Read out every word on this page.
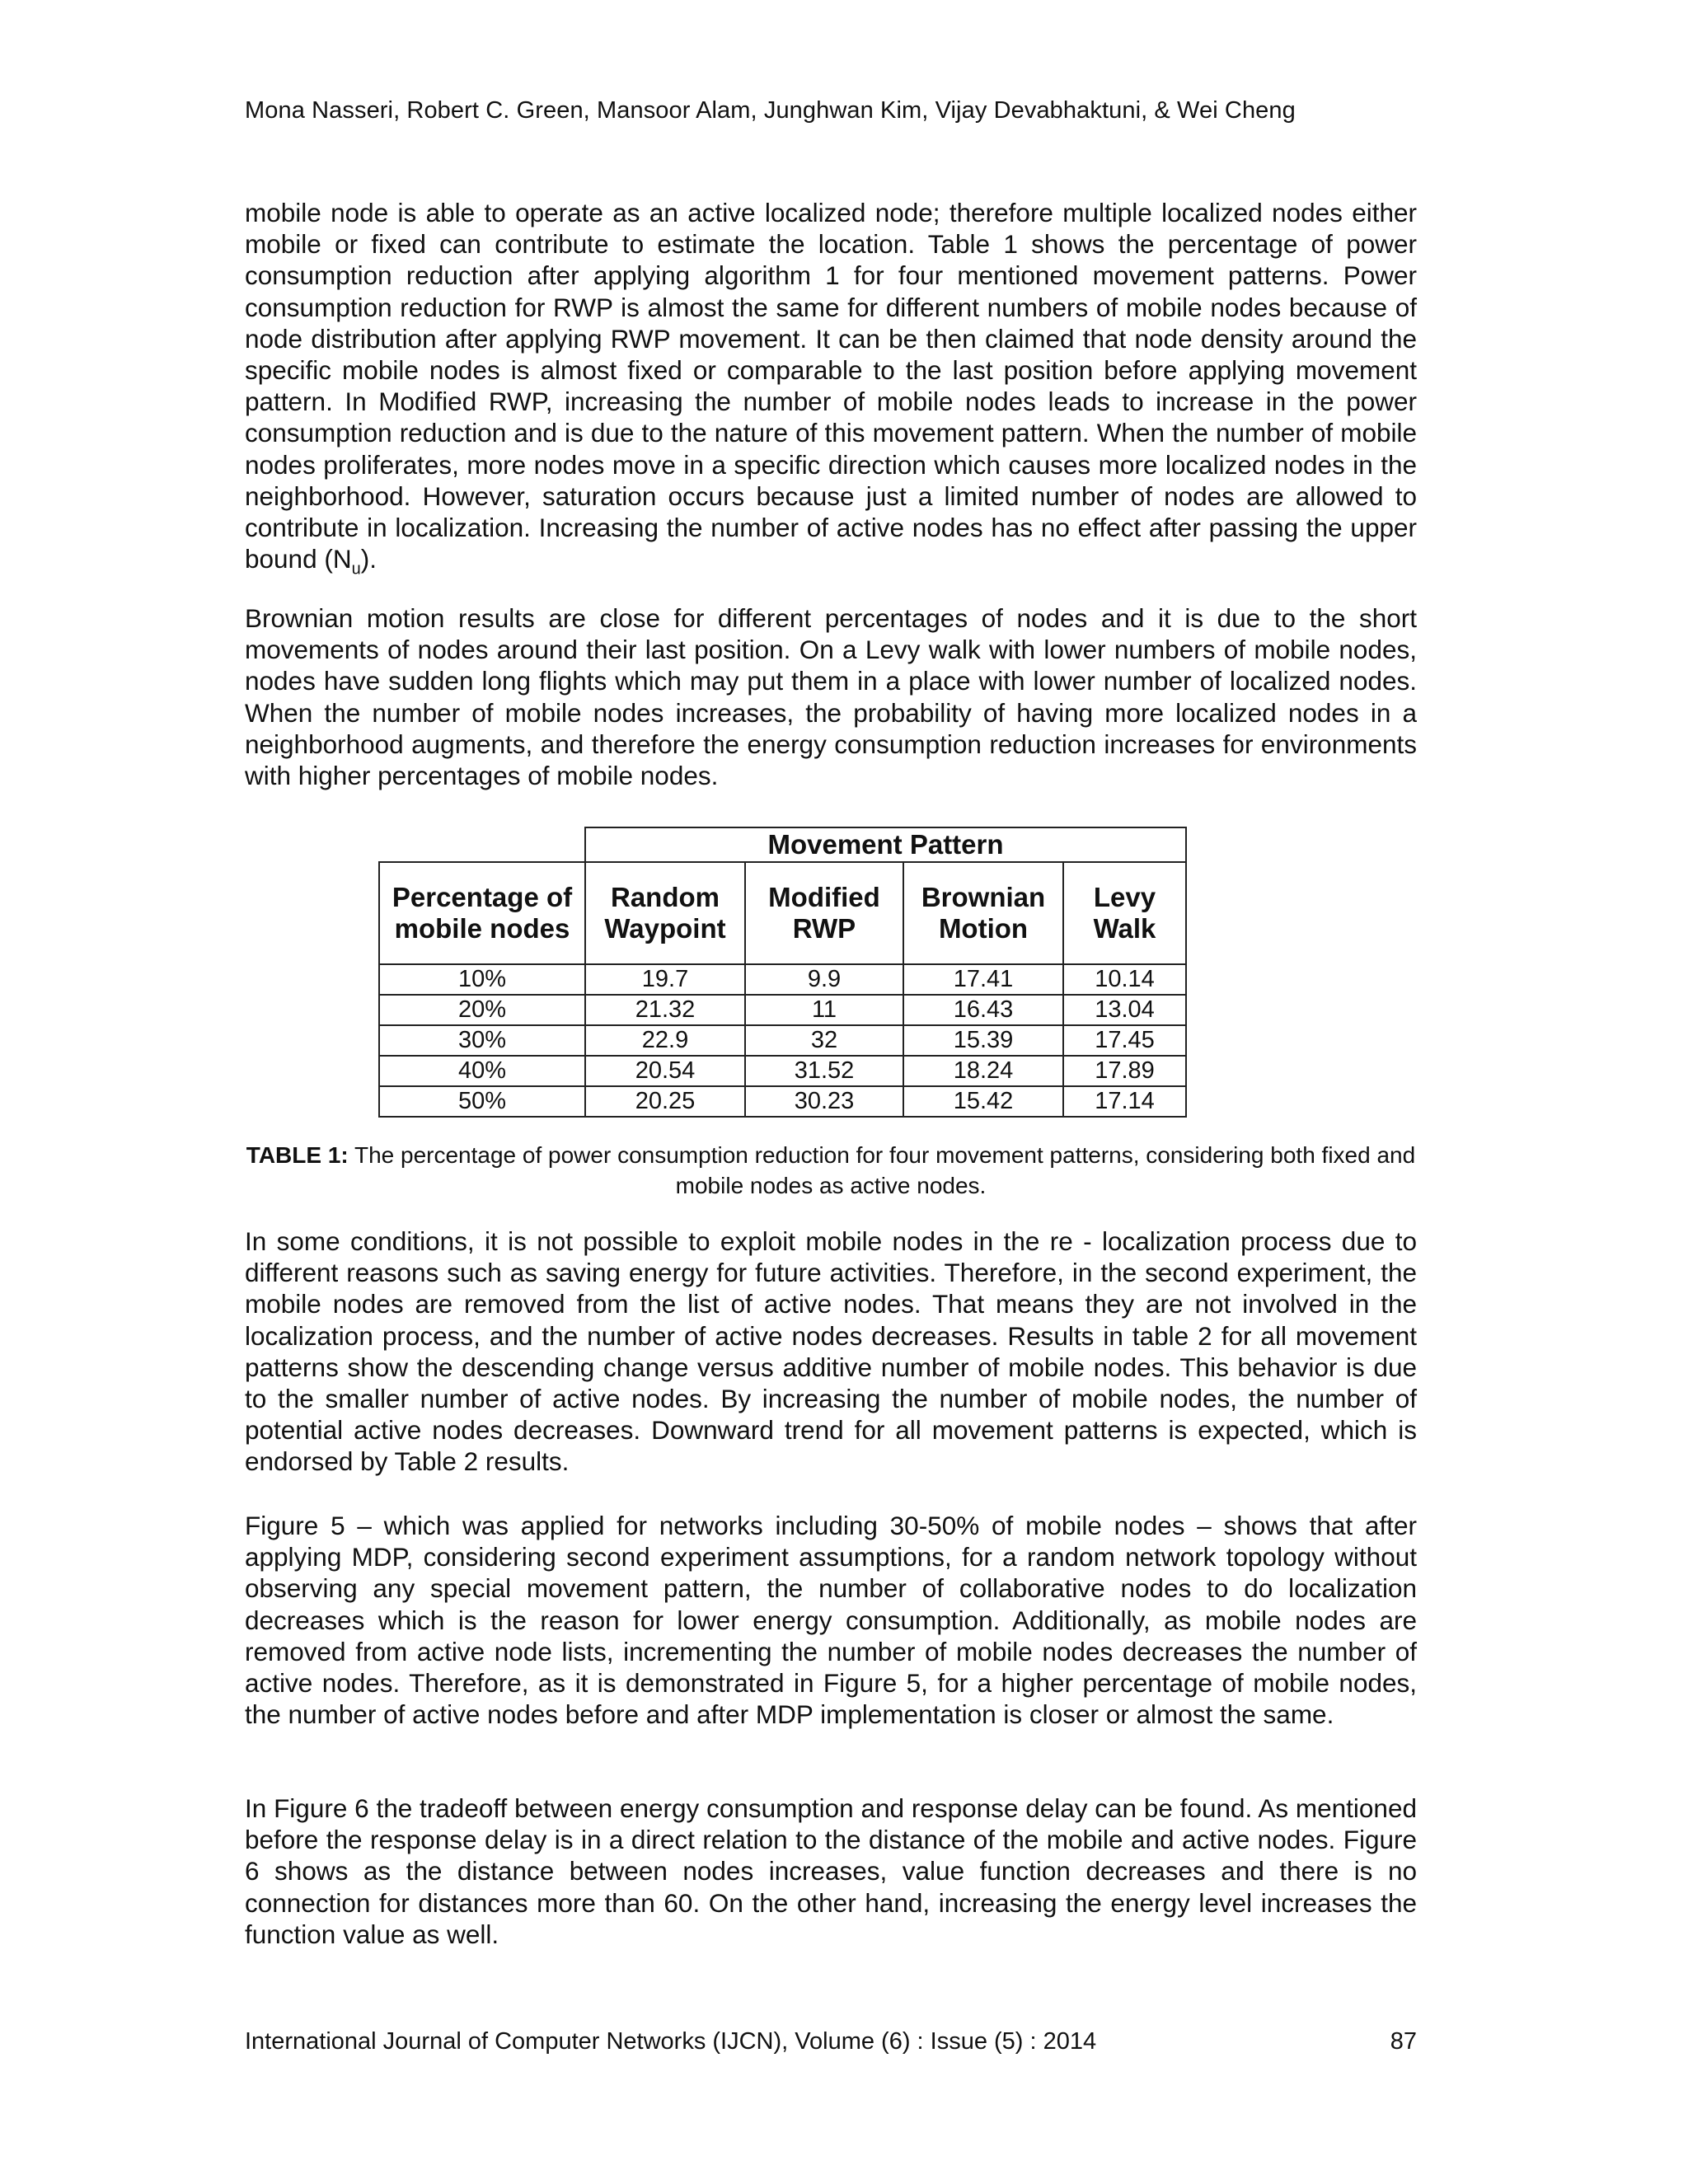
Mona Nasseri, Robert C. Green, Mansoor Alam, Junghwan Kim, Vijay Devabhaktuni, & Wei Cheng

mobile node is able to operate as an active localized node; therefore multiple localized nodes either mobile or fixed can contribute to estimate the location. Table 1 shows the percentage of power consumption reduction after applying algorithm 1 for four mentioned movement patterns. Power consumption reduction for RWP is almost the same for different numbers of mobile nodes because of node distribution after applying RWP movement. It can be then claimed that node density around the specific mobile nodes is almost fixed or comparable to the last position before applying movement pattern. In Modified RWP, increasing the number of mobile nodes leads to increase in the power consumption reduction and is due to the nature of this movement pattern. When the number of mobile nodes proliferates, more nodes move in a specific direction which causes more localized nodes in the neighborhood. However, saturation occurs because just a limited number of nodes are allowed to contribute in localization. Increasing the number of active nodes has no effect after passing the upper bound $(N_u)$.

Brownian motion results are close for different percentages of nodes and it is due to the short movements of nodes around their last position. On a Levy walk with lower numbers of mobile nodes, nodes have sudden long flights which may put them in a place with lower number of localized nodes. When the number of mobile nodes increases, the probability of having more localized nodes in a neighborhood augments, and therefore the energy consumption reduction increases for environments with higher percentages of mobile nodes.

	Movement Pattern			
Percentage of mobile nodes	Random Waypoint	Modified RWP	Brownian Motion	Levy Walk
10%	19.7	9.9	17.41	10.14
20%	21.32	11	16.43	13.04
30%	22.9	32	15.39	17.45
40%	20.54	31.52	18.24	17.89
50%	20.25	30.23	15.42	17.14

TABLE 1: The percentage of power consumption reduction for four movement patterns, considering both fixed and mobile nodes as active nodes.

In some conditions, it is not possible to exploit mobile nodes in the re - localization process due to different reasons such as saving energy for future activities. Therefore, in the second experiment, the mobile nodes are removed from the list of active nodes. That means they are not involved in the localization process, and the number of active nodes decreases. Results in table 2 for all movement patterns show the descending change versus additive number of mobile nodes. This behavior is due to the smaller number of active nodes. By increasing the number of mobile nodes, the number of potential active nodes decreases. Downward trend for all movement patterns is expected, which is endorsed by Table 2 results.

Figure 5 – which was applied for networks including 30-50% of mobile nodes – shows that after applying MDP, considering second experiment assumptions, for a random network topology without observing any special movement pattern, the number of collaborative nodes to do localization decreases which is the reason for lower energy consumption. Additionally, as mobile nodes are removed from active node lists, incrementing the number of mobile nodes decreases the number of active nodes. Therefore, as it is demonstrated in Figure 5, for a higher percentage of mobile nodes, the number of active nodes before and after MDP implementation is closer or almost the same.

In Figure 6 the tradeoff between energy consumption and response delay can be found. As mentioned before the response delay is in a direct relation to the distance of the mobile and active nodes. Figure 6 shows as the distance between nodes increases, value function decreases and there is no connection for distances more than 60. On the other hand, increasing the energy level increases the function value as well.

International Journal of Computer Networks (IJCN), Volume (6) : Issue (5) : 2014	87
